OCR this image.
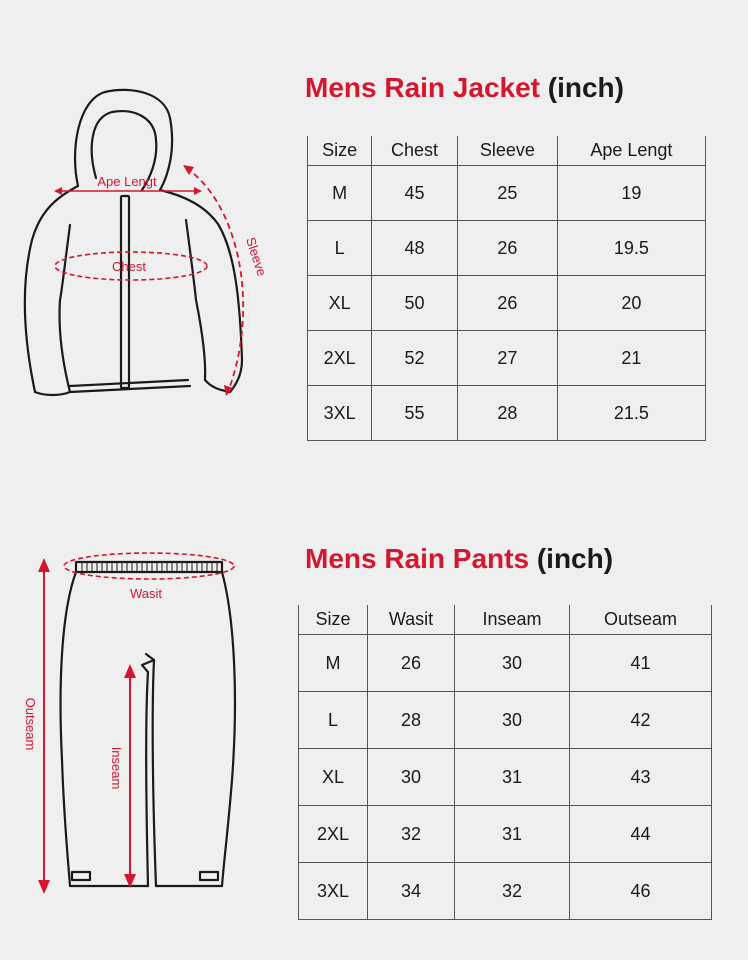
Ape Lengt
Chest	Sleeve
Wasit
Outseam
Inseam
Mens Rain Jacket (inch)
Size	Chest	Sleeve	Ape Lengt
M	45	25	19
L	48	26	19.5
XL	50	26	20
2XL	52	27	21
3XL	55	28	21.5
Mens Rain Pants (inch)
Size	Wasit	Inseam	Outseam
M	26	30	41
L	28	30	42
XL	30	31	43
2XL	32	31	44
3XL	34	32	46
